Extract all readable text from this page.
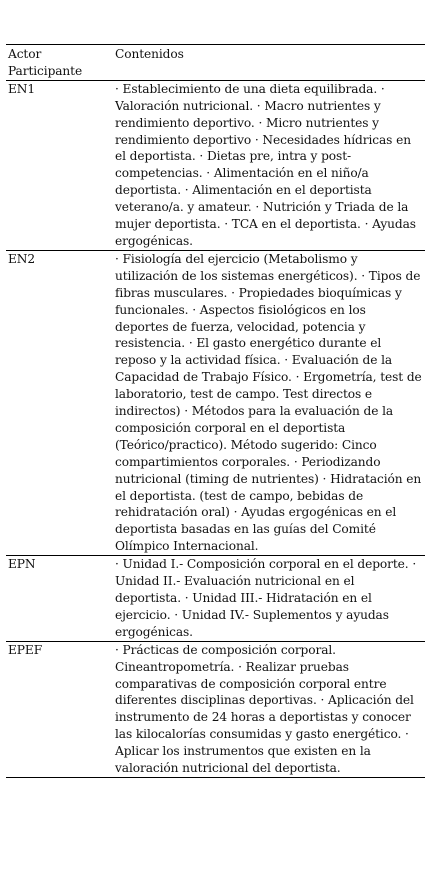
Actor Participante	Contenidos
EN1	· Establecimiento de una dieta equilibrada. · Valoración nutricional. · Macro nutrientes y rendimiento deportivo. · Micro nutrientes y rendimiento deportivo · Necesidades hídricas en el deportista. · Dietas pre, intra y post-competencias. · Alimentación en el niño/a deportista. · Alimentación en el deportista veterano/a. y amateur. · Nutrición y Triada de la mujer deportista. · TCA en el deportista. · Ayudas ergogénicas.
EN2	· Fisiología del ejercicio (Metabolismo y utilización de los sistemas energéticos). · Tipos de fibras musculares. · Propiedades bioquímicas y funcionales. · Aspectos fisiológicos en los deportes de fuerza, velocidad, potencia y resistencia. · El gasto energético durante el reposo y la actividad física. · Evaluación de la Capacidad de Trabajo Físico. · Ergometría, test de laboratorio, test de campo. Test directos e indirectos) · Métodos para la evaluación de la composición corporal en el deportista (Teórico/practico). Método sugerido: Cinco compartimientos corporales. · Periodizando nutricional (timing de nutrientes) · Hidratación en el deportista. (test de campo, bebidas de rehidratación oral) · Ayudas ergogénicas en el deportista basadas en las guías del Comité Olímpico Internacional.
EPN	· Unidad I.- Composición corporal en el deporte. · Unidad II.- Evaluación nutricional en el deportista. · Unidad III.- Hidratación en el ejercicio. · Unidad IV.- Suplementos y ayudas ergogénicas.
EPEF	· Prácticas de composición corporal. Cineantropometría. · Realizar pruebas comparativas de composición corporal entre diferentes disciplinas deportivas. · Aplicación del instrumento de 24 horas a deportistas y conocer las kilocalorías consumidas y gasto energético. · Aplicar los instrumentos que existen en la valoración nutricional del deportista.
